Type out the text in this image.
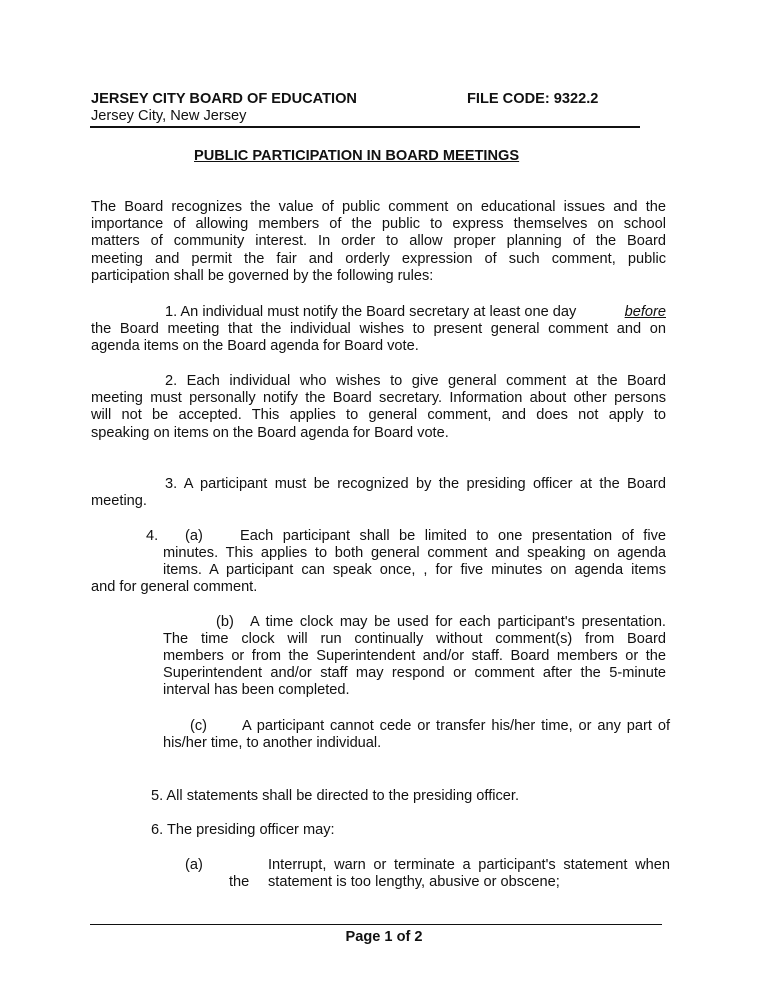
JERSEY CITY BOARD OF EDUCATION	FILE CODE: 9322.2
Jersey City, New Jersey
PUBLIC PARTICIPATION IN BOARD MEETINGS
The Board recognizes the value of public comment on educational issues and the
importance of allowing members of the public to express themselves on school
matters of community interest. In order to allow proper planning of the Board
meeting and permit the fair and orderly expression of such comment, public
participation shall be governed by the following rules:
1. An individual must notify the Board secretary at least one day	before
the Board meeting that the individual wishes to present general comment and on
agenda items on the Board agenda for Board vote.
2. Each individual who wishes to give general comment at the Board
meeting must personally notify the Board secretary. Information about other persons
will not be accepted. This applies to general comment, and does not apply to
speaking on items on the Board agenda for Board vote.
3. A participant must be recognized by the presiding officer at the Board
meeting.
4. (a)	Each participant shall be limited to one presentation of five
minutes. This applies to both general comment and speaking on agenda
items. A participant can speak once, , for five minutes on agenda items
and for general comment.
(b) A time clock may be used for each participant's presentation.
The time clock will run continually without comment(s) from Board
members or from the Superintendent and/or staff. Board members or the
Superintendent and/or staff may respond or comment after the 5-minute
interval has been completed.
(c) A participant cannot cede or transfer his/her time, or any part of
his/her time, to another individual.
5. All statements shall be directed to the presiding officer.
6. The presiding officer may:
(a)	Interrupt, warn or terminate a participant's statement when
the statement is too lengthy, abusive or obscene;
Page 1 of 2
